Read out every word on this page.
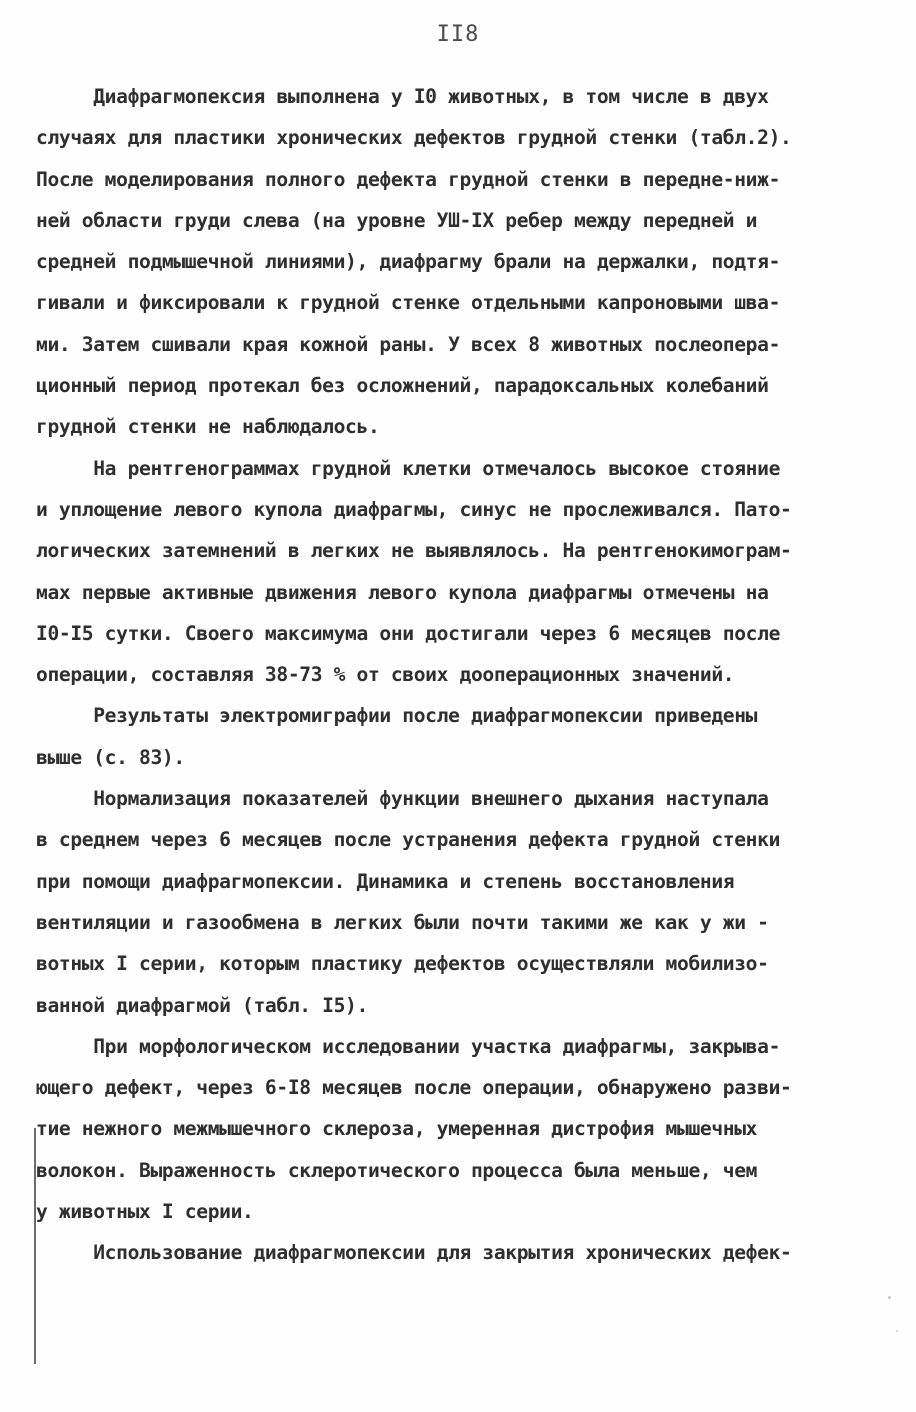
II8
Диафрагмопексия выполнена у I0 животных, в том числе в двух
случаях для пластики хронических дефектов грудной стенки (табл.2).
После моделирования полного дефекта грудной стенки в передне-ниж-
ней области груди слева (на уровне УШ-IX ребер между передней и
средней подмышечной линиями), диафрагму брали на держалки, подтя-
гивали и фиксировали к грудной стенке отдельными капроновыми шва-
ми. Затем сшивали края кожной раны. У всех 8 животных послеопера-
ционный период протекал без осложнений, парадоксальных колебаний
грудной стенки не наблюдалось.
На рентгенограммах грудной клетки отмечалось высокое стояние
и уплощение левого купола диафрагмы, синус не прослеживался. Пато-
логических затемнений в легких не выявлялось. На рентгенокимограм-
мах первые активные движения левого купола диафрагмы отмечены на
I0-I5 сутки. Своего максимума они достигали через 6 месяцев после
операции, составляя 38-73 % от своих дооперационных значений.
Результаты электромиграфии после диафрагмопексии приведены
выше (с. 83).
Нормализация показателей функции внешнего дыхания наступала
в среднем через 6 месяцев после устранения дефекта грудной стенки
при помощи диафрагмопексии. Динамика и степень восстановления
вентиляции и газообмена в легких были почти такими же как у жи -
вотных I серии, которым пластику дефектов осуществляли мобилизо-
ванной диафрагмой (табл. I5).
При морфологическом исследовании участка диафрагмы, закрыва-
ющего дефект, через 6-I8 месяцев после операции, обнаружено разви-
тие нежного межмышечного склероза, умеренная дистрофия мышечных
волокон. Выраженность склеротического процесса была меньше, чем
у животных I серии.
Использование диафрагмопексии для закрытия хронических дефек-
